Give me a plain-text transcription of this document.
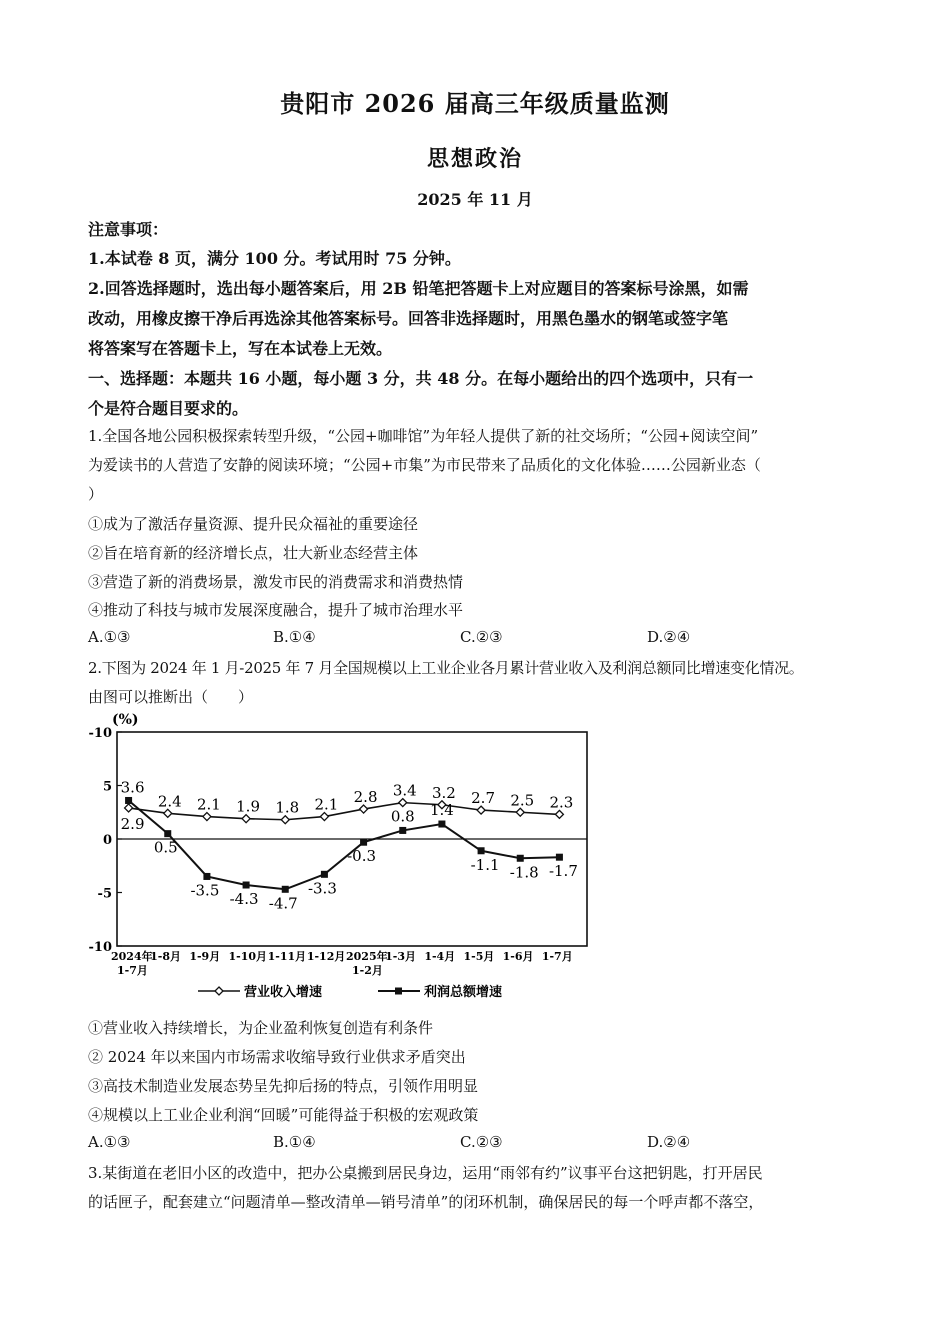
贵阳市 2026 届高三年级质量监测
思想政治
2025 年 11 月
注意事项：
1.本试卷 8 页，满分 100 分。考试用时 75 分钟。
2.回答选择题时，选出每小题答案后，用 2B 铅笔把答题卡上对应题目的答案标号涂黑，如需
改动，用橡皮擦干净后再选涂其他答案标号。回答非选择题时，用黑色墨水的钢笔或签字笔
将答案写在答题卡上，写在本试卷上无效。
一、选择题：本题共 16 小题，每小题 3 分，共 48 分。在每小题给出的四个选项中，只有一
个是符合题目要求的。
1.全国各地公园积极探索转型升级，“公园+咖啡馆”为年轻人提供了新的社交场所；“公园+阅读空间”
为爱读书的人营造了安静的阅读环境；“公园+市集”为市民带来了品质化的文化体验……公园新业态（
）
①成为了激活存量资源、提升民众福祉的重要途径
②旨在培育新的经济增长点，壮大新业态经营主体
③营造了新的消费场景，激发市民的消费需求和消费热情
④推动了科技与城市发展深度融合，提升了城市治理水平
A.①③	B.①④	C.②③	D.②④
2.下图为 2024 年 1 月-2025 年 7 月全国规模以上工业企业各月累计营业收入及利润总额同比增速变化情况。
由图可以推断出（　　）
(%)
-10
5
0
-5
-10
2024年
1-7月
1-8月 1-9月 1-10月 1-11月 1-12月 2025年
1-2月
1-3月 1-4月 1-5月 1-6月 1-7月
2.9
2.4 2.1 1.9 1.8 2.1 2.8 3.4 3.2 2.7 2.5 2.3
3.6
0.5
-3.5 -4.3 -4.7
-3.3
-0.3
0.8 1.4
-1.1 -1.8 -1.7
营业收入增速	利润总额增速
①营业收入持续增长，为企业盈利恢复创造有利条件
② 2024 年以来国内市场需求收缩导致行业供求矛盾突出
③高技术制造业发展态势呈先抑后扬的特点，引领作用明显
④规模以上工业企业利润“回暖”可能得益于积极的宏观政策
A.①③	B.①④	C.②③	D.②④
3.某街道在老旧小区的改造中，把办公桌搬到居民身边，运用“雨邻有约”议事平台这把钥匙，打开居民
的话匣子，配套建立“问题清单—整改清单—销号清单”的闭环机制，确保居民的每一个呼声都不落空，
